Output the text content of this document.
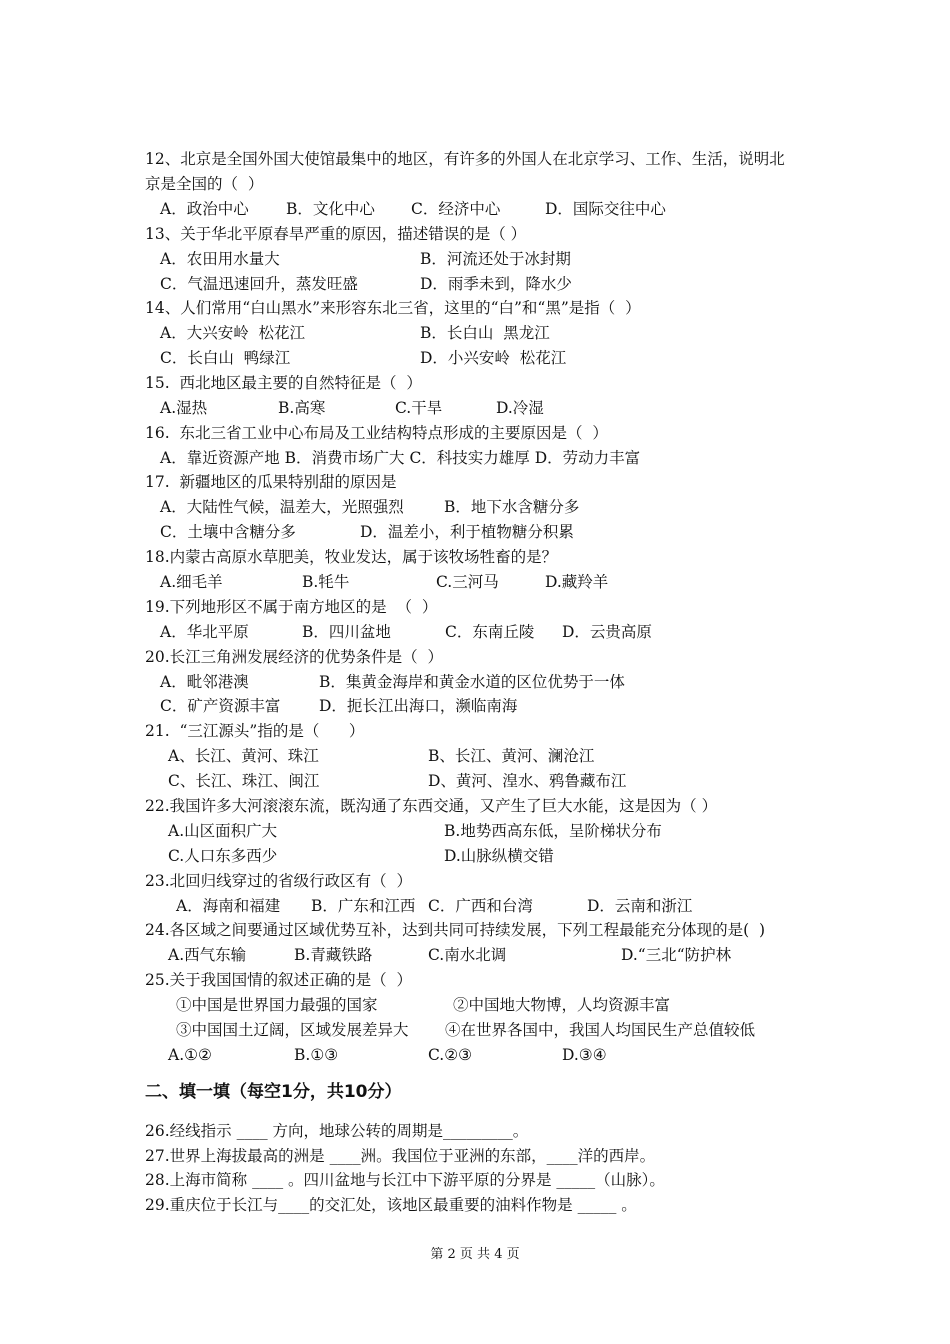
12、北京是全国外国大使馆最集中的地区，有许多的外国人在北京学习、工作、生活，说明北
京是全国的（  ）
A．政治中心 B．文化中心 C．经济中心	D．国际交往中心
13、关于华北平原春旱严重的原因，描述错误的是（ ）
A．农田用水量大	B．河流还处于冰封期
C．气温迅速回升，蒸发旺盛	D．雨季未到，降水少
14、人们常用“白山黑水”来形容东北三省，这里的“白”和“黑”是指（  ）
A．大兴安岭  松花江	B．长白山  黑龙江
C．长白山  鸭绿江	D．小兴安岭  松花江
15.  西北地区最主要的自然特征是（  ）
A.湿热	B.高寒	C.干旱	D.冷湿
16.  东北三省工业中心布局及工业结构特点形成的主要原因是（  ）
A．靠近资源产地 B．消费市场广大 C．科技实力雄厚 D．劳动力丰富
17.  新疆地区的瓜果特别甜的原因是
A．大陆性气候，温差大，光照强烈	B．地下水含糖分多
C．土壤中含糖分多	D．温差小，利于植物糖分积累
18.内蒙古高原水草肥美，牧业发达，属于该牧场牲畜的是？
A.细毛羊	B.牦牛	C.三河马	D.藏羚羊
19.下列地形区不属于南方地区的是  （  ）
A．华北平原	B．四川盆地	C．东南丘陵 D．云贵高原
20.长江三角洲发展经济的优势条件是（  ）
A．毗邻港澳	B．集黄金海岸和黄金水道的区位优势于一体
C．矿产资源丰富 D．扼长江出海口，濒临南海
21.  “三江源头”指的是（      ）
A、长江、黄河、珠江	B、长江、黄河、澜沧江
C、长江、珠江、闽江	D、黄河、湟水、鸦鲁藏布江
22.我国许多大河滚滚东流，既沟通了东西交通，又产生了巨大水能，这是因为（ ）
A.山区面积广大	B.地势西高东低，呈阶梯状分布
C.人口东多西少	D.山脉纵横交错
23.北回归线穿过的省级行政区有（  ）
A．海南和福建 B．广东和江西 C．广西和台湾	D．云南和浙江
24.各区域之间要通过区域优势互补，达到共同可持续发展，下列工程最能充分体现的是(  )
A.西气东输	B.青藏铁路	C.南水北调	D.“三北“防护林
25.关于我国国情的叙述正确的是（  ）
①中国是世界国力最强的国家	②中国地大物博，人均资源丰富
③中国国土辽阔，区域发展差异大 ④在世界各国中，我国人均国民生产总值较低
A.①②	B.①③	C.②③	D.③④
二、填一填（每空1分，共10分）
26.经线指示 ____ 方向，地球公转的周期是_________。
27.世界上海拔最高的洲是 ____洲。我国位于亚洲的东部，____洋的西岸。
28.上海市简称 ____ 。四川盆地与长江中下游平原的分界是 _____（山脉）。
29.重庆位于长江与____的交汇处，该地区最重要的油料作物是 _____ 。
第 2 页 共 4 页
